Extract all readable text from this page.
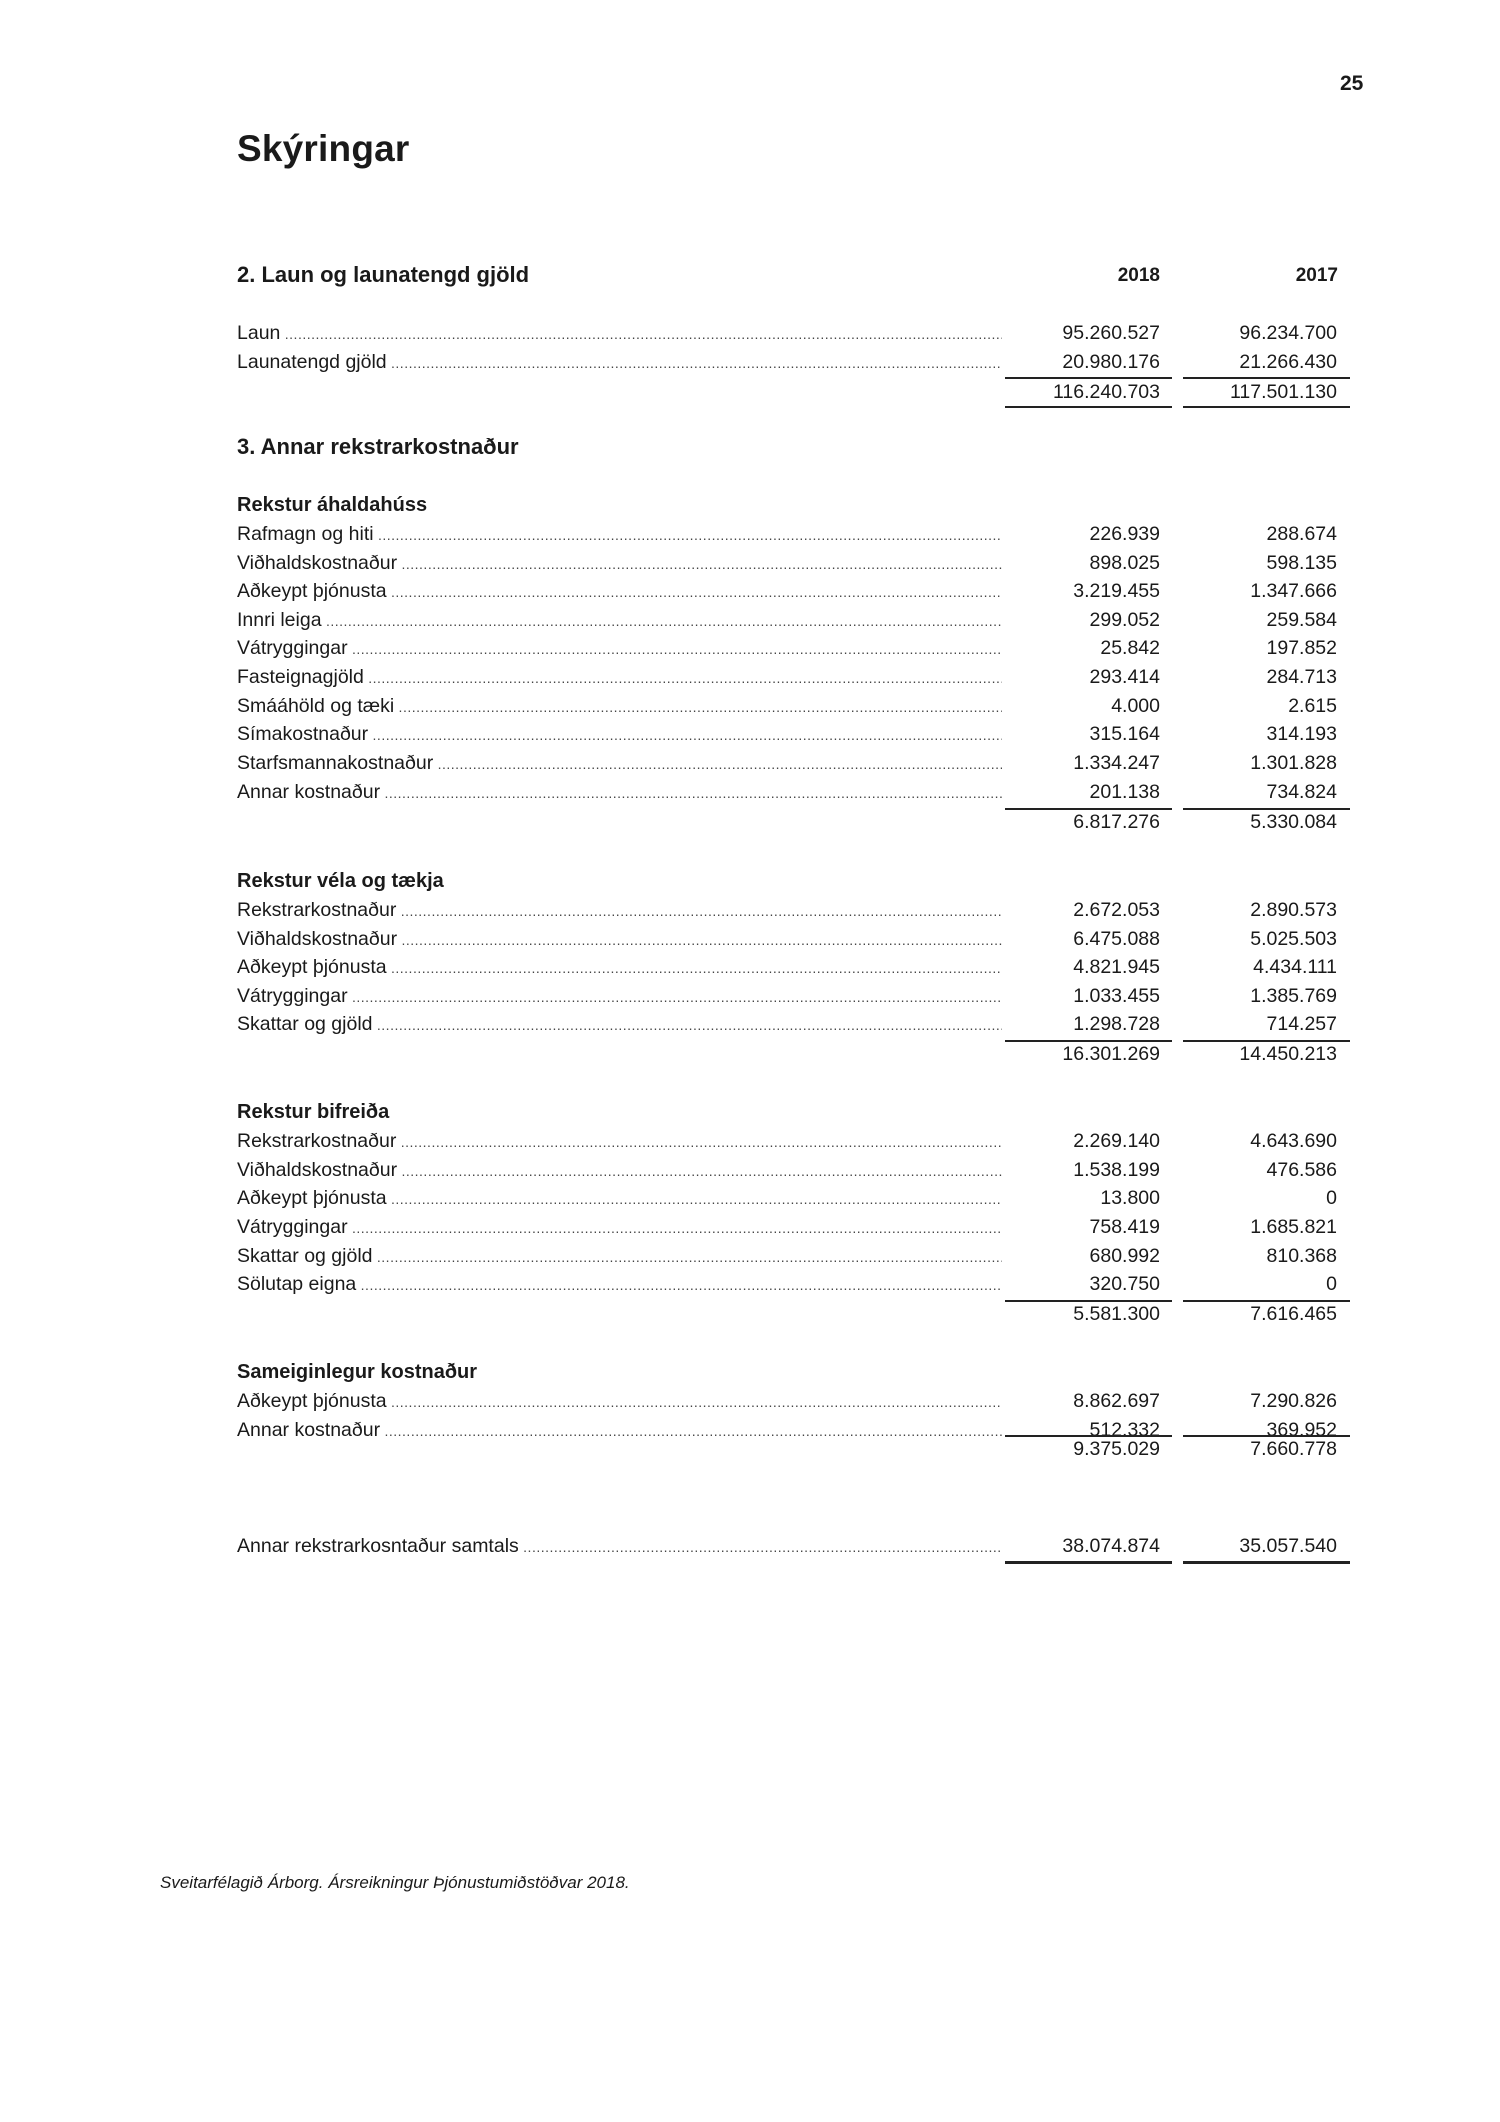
25
Skýringar
2. Laun og launatengd gjöld	2018	2017
Laun .....	95.260.527	96.234.700
Launatengd gjöld .....	20.980.176	21.266.430
116.240.703	117.501.130
3. Annar rekstrarkostnaður
Rekstur áhaldahúss
Rafmagn og hiti .....	226.939	288.674
Viðhaldskostnaður .....	898.025	598.135
Aðkeypt þjónusta .....	3.219.455	1.347.666
Innri leiga .....	299.052	259.584
Vátryggingar .....	25.842	197.852
Fasteignagjöld .....	293.414	284.713
Smááhöld og tæki .....	4.000	2.615
Símakostnaður .....	315.164	314.193
Starfsmannakostnaður .....	1.334.247	1.301.828
Annar kostnaður .....	201.138	734.824
6.817.276	5.330.084
Rekstur véla og tækja
Rekstrarkostnaður .....	2.672.053	2.890.573
Viðhaldskostnaður .....	6.475.088	5.025.503
Aðkeypt þjónusta .....	4.821.945	4.434.111
Vátryggingar .....	1.033.455	1.385.769
Skattar og gjöld .....	1.298.728	714.257
16.301.269	14.450.213
Rekstur bifreiða
Rekstrarkostnaður .....	2.269.140	4.643.690
Viðhaldskostnaður .....	1.538.199	476.586
Aðkeypt þjónusta .....	13.800	0
Vátryggingar .....	758.419	1.685.821
Skattar og gjöld .....	680.992	810.368
Sölutap eigna .....	320.750	0
5.581.300	7.616.465
Sameiginlegur kostnaður
Aðkeypt þjónusta .....	8.862.697	7.290.826
Annar kostnaður .....	512.332	369.952
9.375.029	7.660.778
Annar rekstrarkosntaður samtals .....	38.074.874	35.057.540
Sveitarfélagið Árborg. Ársreikningur Þjónustumiðstöðvar 2018.
